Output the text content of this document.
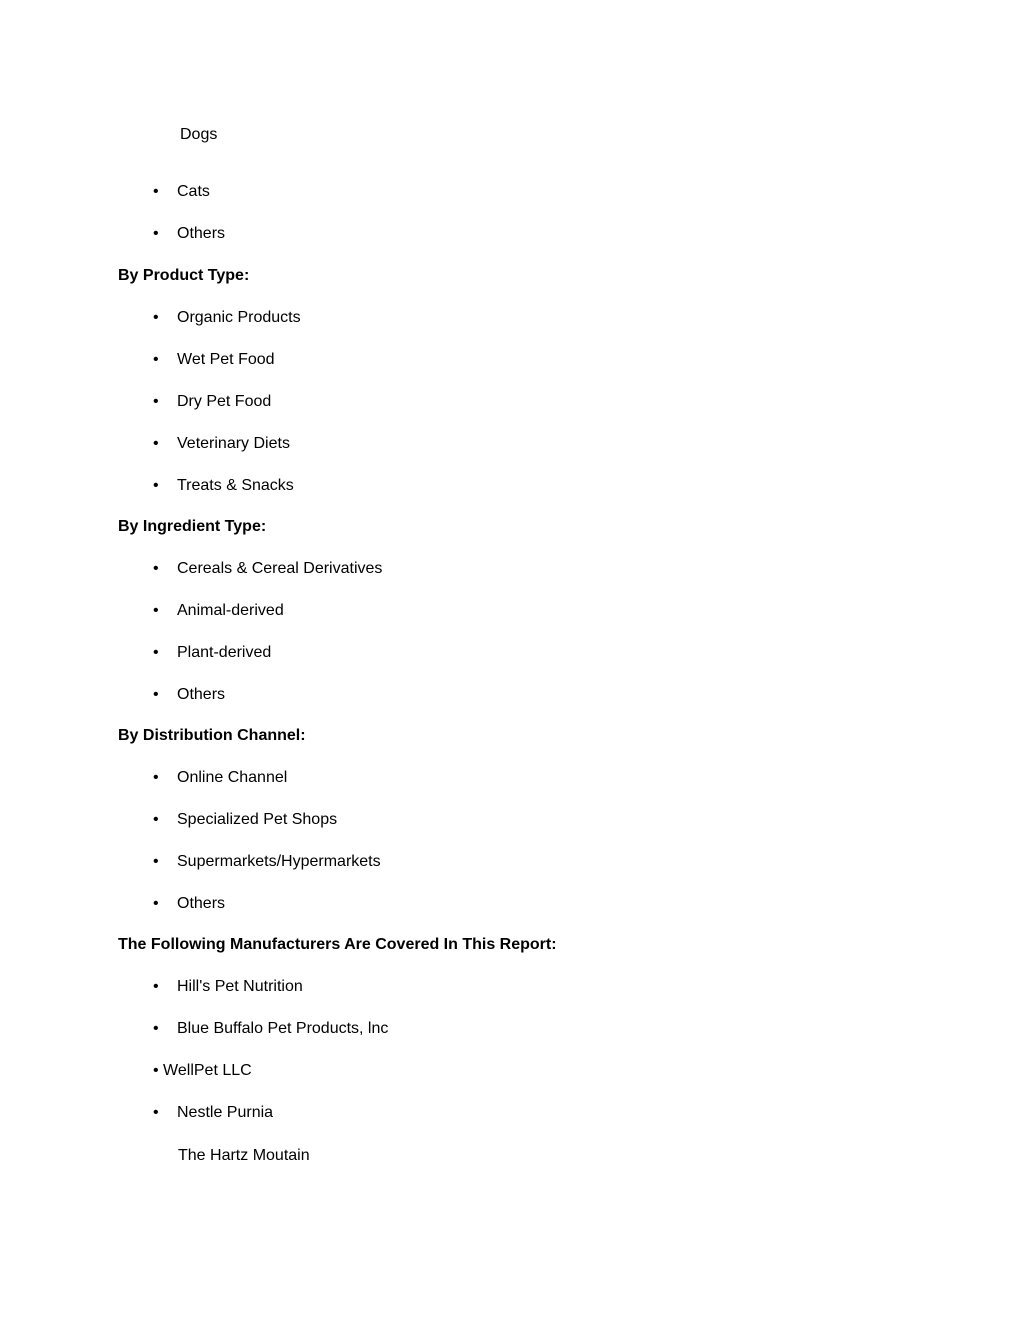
Dogs
• Cats
• Others
By Product Type:
• Organic Products
• Wet Pet Food
• Dry Pet Food
• Veterinary Diets
• Treats & Snacks
By Ingredient Type:
• Cereals & Cereal Derivatives
• Animal-derived
• Plant-derived
• Others
By Distribution Channel:
• Online Channel
• Specialized Pet Shops
• Supermarkets/Hypermarkets
• Others
The Following Manufacturers Are Covered In This Report:
• Hill's Pet Nutrition
• Blue Buffalo Pet Products, lnc
• WellPet LLC
• Nestle Purnia
The Hartz Moutain
